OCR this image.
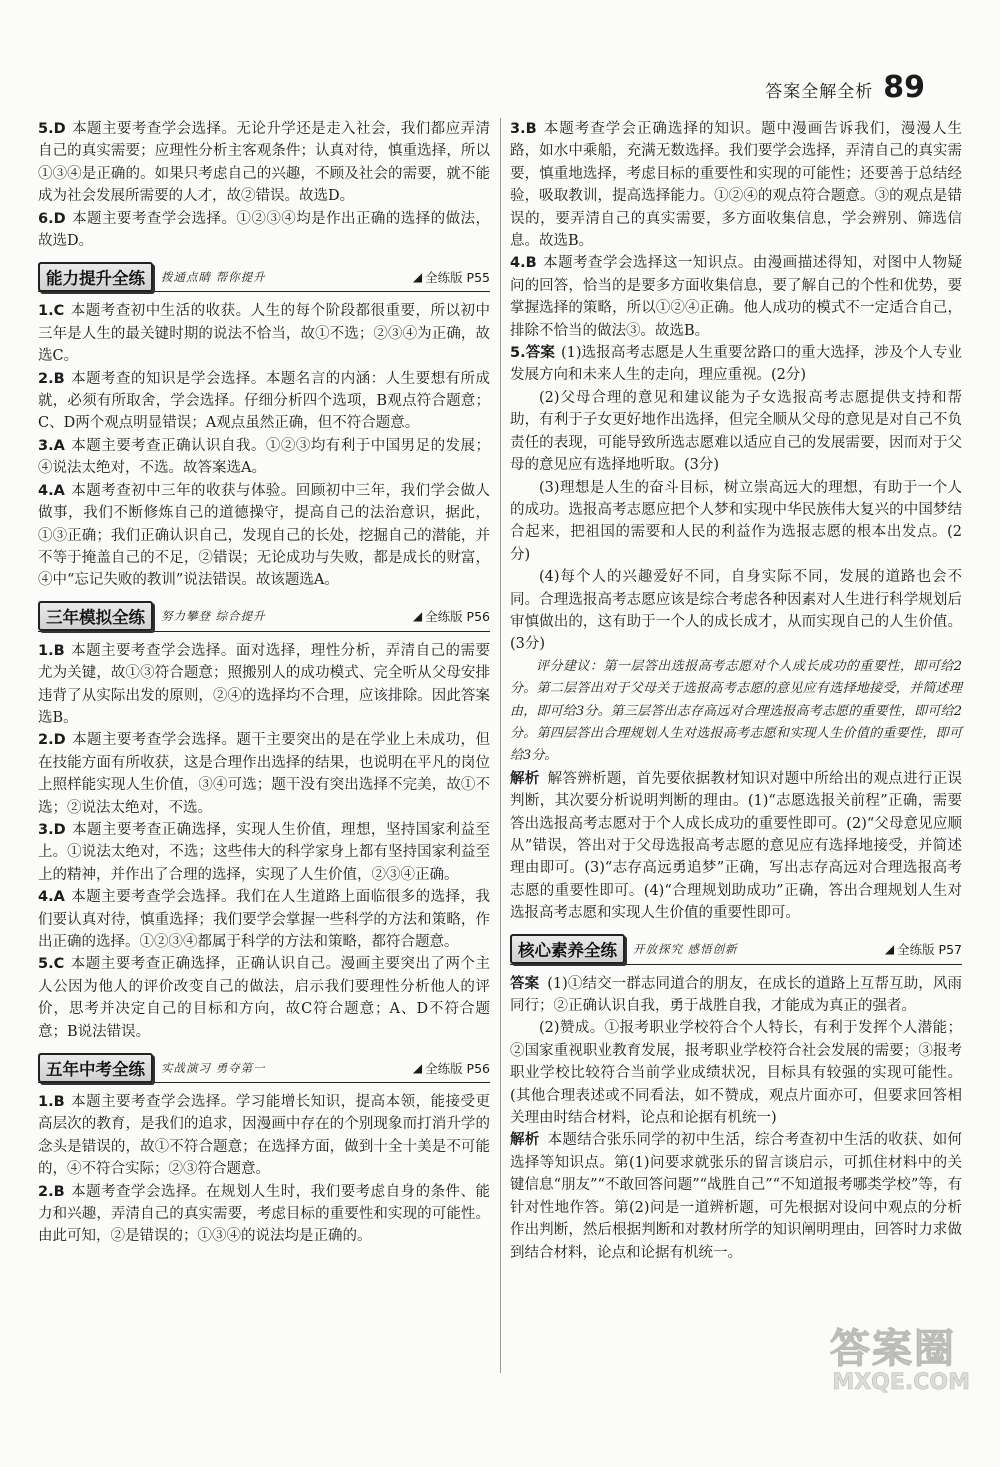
答案全解全析 89
5.D 本题主要考查学会选择。无论升学还是走入社会，我们都应弄清自己的真实需要；应理性分析主客观条件；认真对待，慎重选择，所以①③④是正确的。如果只考虑自己的兴趣，不顾及社会的需要，就不能成为社会发展所需要的人才，故②错误。故选D。
6.D 本题主要考查学会选择。①②③④均是作出正确的选择的做法，故选D。
能力提升全练	拨通点睛 帮你提升	◢ 全练版 P55
1.C 本题考查初中生活的收获。人生的每个阶段都很重要，所以初中三年是人生的最关键时期的说法不恰当，故①不选；②③④为正确，故选C。
2.B 本题考查的知识是学会选择。本题名言的内涵：人生要想有所成就，必须有所取舍，学会选择。仔细分析四个选项，B观点符合题意；C、D两个观点明显错误；A观点虽然正确，但不符合题意。
3.A 本题主要考查正确认识自我。①②③均有利于中国男足的发展；④说法太绝对，不选。故答案选A。
4.A 本题考查初中三年的收获与体验。回顾初中三年，我们学会做人做事，我们不断修炼自己的道德操守，提高自己的法治意识，据此，①③正确；我们正确认识自己，发现自己的长处，挖掘自己的潜能，并不等于掩盖自己的不足，②错误；无论成功与失败，都是成长的财富，④中“忘记失败的教训”说法错误。故该题选A。
三年模拟全练	努力攀登 综合提升	◢ 全练版 P56
1.B 本题主要考查学会选择。面对选择，理性分析，弄清自己的需要尤为关键，故①③符合题意；照搬别人的成功模式、完全听从父母安排违背了从实际出发的原则，②④的选择均不合理，应该排除。因此答案选B。
2.D 本题主要考查学会选择。题干主要突出的是在学业上未成功，但在技能方面有所收获，这是合理作出选择的结果，也说明在平凡的岗位上照样能实现人生价值，③④可选；题干没有突出选择不完美，故①不选；②说法太绝对，不选。
3.D 本题主要考查正确选择，实现人生价值，理想，坚持国家利益至上。①说法太绝对，不选；这些伟大的科学家身上都有坚持国家利益至上的精神，并作出了合理的选择，实现了人生价值，②③④正确。
4.A 本题主要考查学会选择。我们在人生道路上面临很多的选择，我们要认真对待，慎重选择；我们要学会掌握一些科学的方法和策略，作出正确的选择。①②③④都属于科学的方法和策略，都符合题意。
5.C 本题主要考查正确选择，正确认识自己。漫画主要突出了两个主人公因为他人的评价改变自己的做法，启示我们要理性分析他人的评价，思考并决定自己的目标和方向，故C符合题意；A、D不符合题意；B说法错误。
五年中考全练	实战演习 勇夺第一	◢ 全练版 P56
1.B 本题主要考查学会选择。学习能增长知识，提高本领，能接受更高层次的教育，是我们的追求，因漫画中存在的个别现象而打消升学的念头是错误的，故①不符合题意；在选择方面，做到十全十美是不可能的，④不符合实际；②③符合题意。
2.B 本题考查学会选择。在规划人生时，我们要考虑自身的条件、能力和兴趣，弄清自己的真实需要，考虑目标的重要性和实现的可能性。由此可知，②是错误的；①③④的说法均是正确的。
3.B 本题考查学会正确选择的知识。题中漫画告诉我们，漫漫人生路，如水中乘船，充满无数选择。我们要学会选择，弄清自己的真实需要，慎重地选择，考虑目标的重要性和实现的可能性；还要善于总结经验，吸取教训，提高选择能力。①②④的观点符合题意。③的观点是错误的，要弄清自己的真实需要，多方面收集信息，学会辨别、筛选信息。故选B。
4.B 本题考查学会选择这一知识点。由漫画描述得知，对图中人物疑问的回答，恰当的是要多方面收集信息，要了解自己的个性和优势，要掌握选择的策略，所以①②④正确。他人成功的模式不一定适合自己，排除不恰当的做法③。故选B。
5.答案 (1)选报高考志愿是人生重要岔路口的重大选择，涉及个人专业发展方向和未来人生的走向，理应重视。(2分)
(2)父母合理的意见和建议能为子女选报高考志愿提供支持和帮助，有利于子女更好地作出选择，但完全顺从父母的意见是对自己不负责任的表现，可能导致所选志愿难以适应自己的发展需要，因而对于父母的意见应有选择地听取。(3分)
(3)理想是人生的奋斗目标，树立崇高远大的理想，有助于一个人的成功。选报高考志愿应把个人梦和实现中华民族伟大复兴的中国梦结合起来，把祖国的需要和人民的利益作为选报志愿的根本出发点。(2分)
(4)每个人的兴趣爱好不同，自身实际不同，发展的道路也会不同。合理选报高考志愿应该是综合考虑各种因素对人生进行科学规划后审慎做出的，这有助于一个人的成长成才，从而实现自己的人生价值。(3分)
评分建议：第一层答出选报高考志愿对个人成长成功的重要性，即可给2分。第二层答出对于父母关于选报高考志愿的意见应有选择地接受，并简述理由，即可给3分。第三层答出志存高远对合理选报高考志愿的重要性，即可给2分。第四层答出合理规划人生对选报高考志愿和实现人生价值的重要性，即可给3分。
解析 解答辨析题，首先要依据教材知识对题中所给出的观点进行正误判断，其次要分析说明判断的理由。(1)“志愿选报关前程”正确，需要答出选报高考志愿对于个人成长成功的重要性即可。(2)“父母意见应顺从”错误，答出对于父母选报高考志愿的意见应有选择地接受，并简述理由即可。(3)“志存高远勇追梦”正确，写出志存高远对合理选报高考志愿的重要性即可。(4)“合理规划助成功”正确，答出合理规划人生对选报高考志愿和实现人生价值的重要性即可。
核心素养全练	开放探究 感悟创新	◢ 全练版 P57
答案 (1)①结交一群志同道合的朋友，在成长的道路上互帮互助，风雨同行；②正确认识自我，勇于战胜自我，才能成为真正的强者。
(2)赞成。①报考职业学校符合个人特长，有利于发挥个人潜能；②国家重视职业教育发展，报考职业学校符合社会发展的需要；③报考职业学校比较符合当前学业成绩状况，目标具有较强的实现可能性。(其他合理表述或不同看法，如不赞成，观点片面亦可，但要求回答相关理由时结合材料，论点和论据有机统一)
解析 本题结合张乐同学的初中生活，综合考查初中生活的收获、如何选择等知识点。第(1)问要求就张乐的留言谈启示，可抓住材料中的关键信息“朋友”“不敢回答问题”“战胜自己”“不知道报考哪类学校”等，有针对性地作答。第(2)问是一道辨析题，可先根据对设问中观点的分析作出判断，然后根据判断和对教材所学的知识阐明理由，回答时力求做到结合材料，论点和论据有机统一。
答案圈
MXQE.COM
